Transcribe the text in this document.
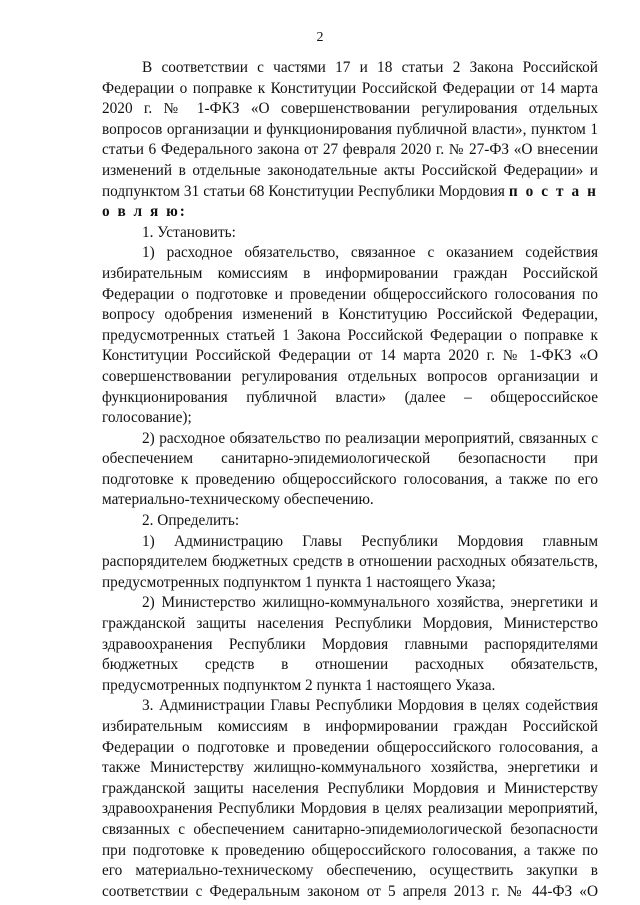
2

В соответствии с частями 17 и 18 статьи 2 Закона Российской Федерации о поправке к Конституции Российской Федерации от 14 марта 2020 г. № 1-ФКЗ «О совершенствовании регулирования отдельных вопросов организации и функционирования публичной власти», пунктом 1 статьи 6 Федерального закона от 27 февраля 2020 г. № 27-ФЗ «О внесении изменений в отдельные законодательные акты Российской Федерации» и подпунктом 31 статьи 68 Конституции Республики Мордовия п о с т а н о в л я ю:

1. Установить:

1) расходное обязательство, связанное с оказанием содействия избирательным комиссиям в информировании граждан Российской Федерации о подготовке и проведении общероссийского голосования по вопросу одобрения изменений в Конституцию Российской Федерации, предусмотренных статьей 1 Закона Российской Федерации о поправке к Конституции Российской Федерации от 14 марта 2020 г. № 1-ФКЗ «О совершенствовании регулирования отдельных вопросов организации и функционирования публичной власти» (далее – общероссийское голосование);

2) расходное обязательство по реализации мероприятий, связанных с обеспечением санитарно-эпидемиологической безопасности при подготовке к проведению общероссийского голосования, а также по его материально-техническому обеспечению.

2. Определить:

1) Администрацию Главы Республики Мордовия главным распорядителем бюджетных средств в отношении расходных обязательств, предусмотренных подпунктом 1 пункта 1 настоящего Указа;

2) Министерство жилищно-коммунального хозяйства, энергетики и гражданской защиты населения Республики Мордовия, Министерство здравоохранения Республики Мордовия главными распорядителями бюджетных средств в отношении расходных обязательств, предусмотренных подпунктом 2 пункта 1 настоящего Указа.

3. Администрации Главы Республики Мордовия в целях содействия избирательным комиссиям в информировании граждан Российской Федерации о подготовке и проведении общероссийского голосования, а также Министерству жилищно-коммунального хозяйства, энергетики и гражданской защиты населения Республики Мордовия и Министерству здравоохранения Республики Мордовия в целях реализации мероприятий, связанных с обеспечением санитарно-эпидемиологической безопасности при подготовке к проведению общероссийского голосования, а также по его материально-техническому обеспечению, осуществить закупки в соответствии с Федеральным законом от 5 апреля 2013 г. № 44-ФЗ «О
